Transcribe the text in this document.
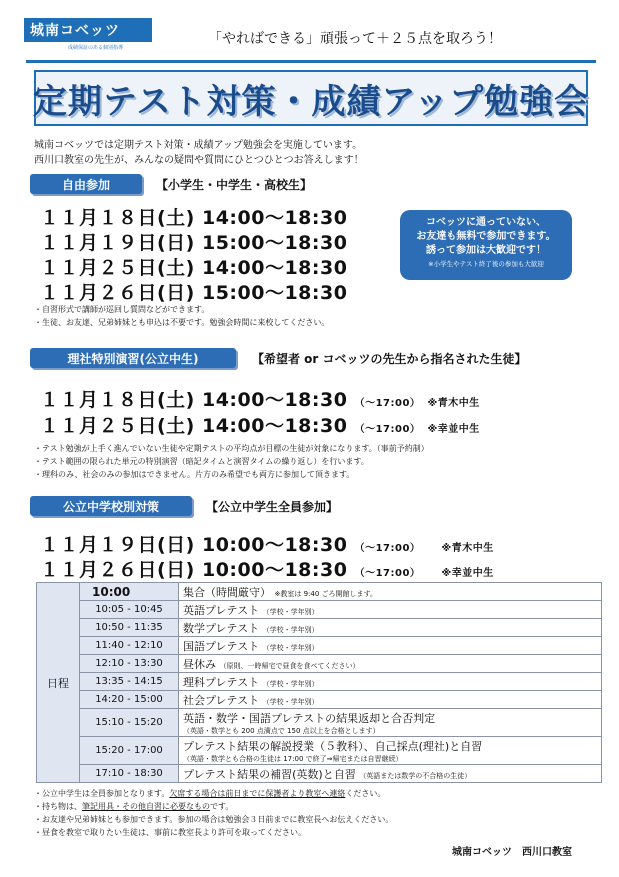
城南コベッツ
成績保証のある個別指導
「やればできる」頑張って＋２５点を取ろう！
定期テスト対策・成績アップ勉強会
城南コベッツでは定期テスト対策・成績アップ勉強会を実施しています。
西川口教室の先生が、みんなの疑問や質問にひとつひとつお答えします！
自由参加	【小学生・中学生・高校生】
１１月１８日(土) 14:00～18:30
１１月１９日(日) 15:00～18:30
１１月２５日(土) 14:00～18:30
１１月２６日(日) 15:00～18:30
・自習形式で講師が巡回し質問などができます。
・生徒、お友達、兄弟姉妹とも申込は不要です。勉強会時間に来校してください。
コベッツに通っていない、
お友達も無料で参加できます。
誘って参加は大歓迎です！
※小学生やテスト終了後の参加も大歓迎
理社特別演習(公立中生)	【希望者 or コベッツの先生から指名された生徒】
１１月１８日(土) 14:00～18:30 （～17:00） ※青木中生
１１月２５日(土) 14:00～18:30 （～17:00） ※幸並中生
・テスト勉強が上手く進んでいない生徒や定期テストの平均点が目標の生徒が対象になります。（事前予約制）
・テスト範囲の限られた単元の特別演習（暗記タイムと演習タイムの繰り返し）を行います。
・理科のみ、社会のみの参加はできません。片方のみ希望でも両方に参加して頂きます。
公立中学校別対策	【公立中学生全員参加】
１１月１９日(日) 10:00～18:30 （～17:00） ※青木中生
１１月２６日(日) 10:00～18:30 （～17:00） ※幸並中生
日程
10:00	集合（時間厳守） ※教室は 9:40 ごろ開館します。
10:05 - 10:45	英語プレテスト （学校・学年別）
10:50 - 11:35	数学プレテスト （学校・学年別）
11:40 - 12:10	国語プレテスト （学校・学年別）
12:10 - 13:30	昼休み （原則、一時帰宅で昼食を食べてください）
13:35 - 14:15	理科プレテスト （学校・学年別）
14:20 - 15:00	社会プレテスト （学校・学年別）
15:10 - 15:20	英語・数学・国語プレテストの結果返却と合否判定
（英語・数学とも 200 点満点で 150 点以上を合格とします）
15:20 - 17:00	プレテスト結果の解説授業（５教科）、自己採点(理社)と自習
（英語・数学とも合格の生徒は 17:00 で終了⇒帰宅または自習継続）
17:10 - 18:30	プレテスト結果の補習(英数)と自習 （英語または数学の不合格の生徒）
・公立中学生は全員参加となります。欠席する場合は前日までに保護者より教室へ連絡ください。
・持ち物は、筆記用具・その他自習に必要なものです。
・お友達や兄弟姉妹とも参加できます。参加の場合は勉強会３日前までに教室長へお伝えください。
・昼食を教室で取りたい生徒は、事前に教室長より許可を取ってください。
城南コベッツ　西川口教室
